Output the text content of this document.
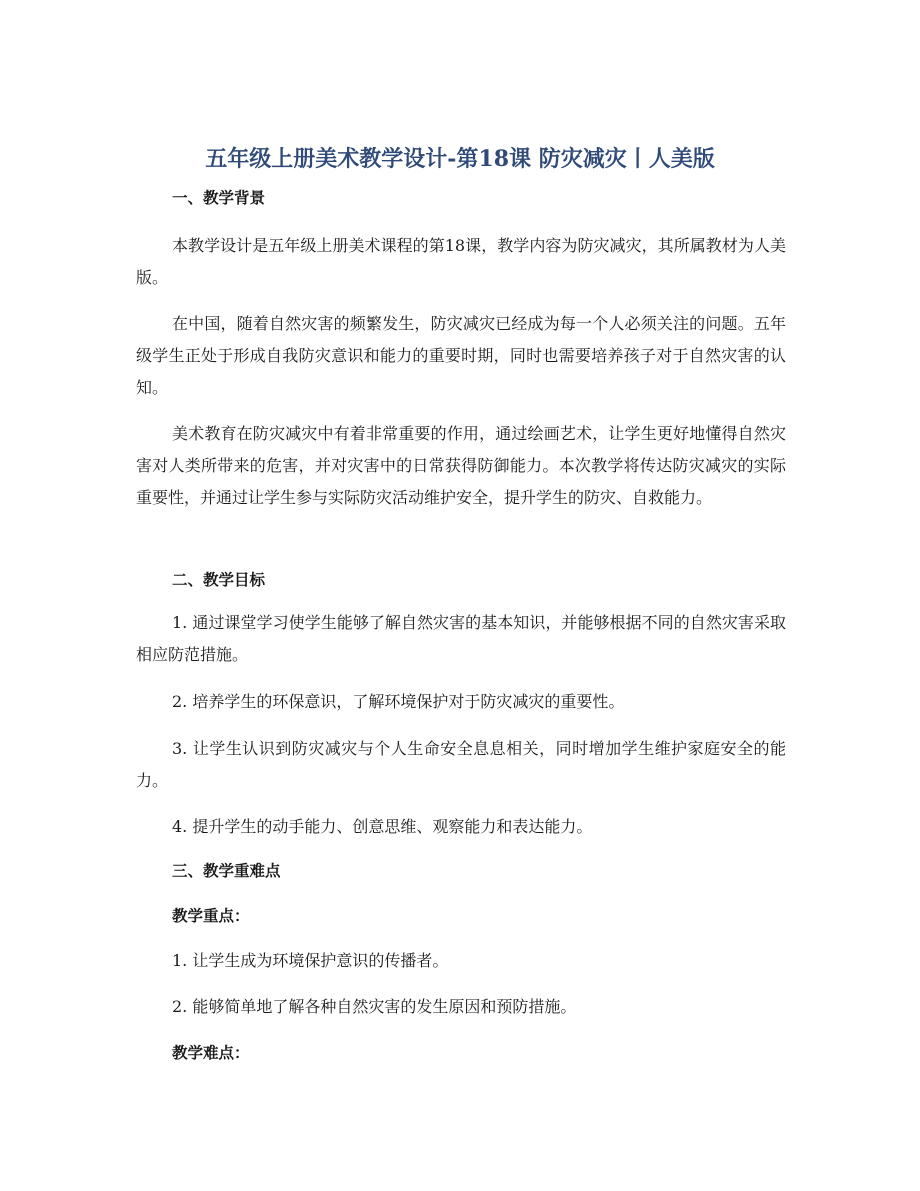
五年级上册美术教学设计-第18课 防灾减灾丨人美版
一、教学背景
本教学设计是五年级上册美术课程的第18课，教学内容为防灾减灾，其所属教材为人美版。
在中国，随着自然灾害的频繁发生，防灾减灾已经成为每一个人必须关注的问题。五年级学生正处于形成自我防灾意识和能力的重要时期，同时也需要培养孩子对于自然灾害的认知。
美术教育在防灾减灾中有着非常重要的作用，通过绘画艺术，让学生更好地懂得自然灾害对人类所带来的危害，并对灾害中的日常获得防御能力。本次教学将传达防灾减灾的实际重要性，并通过让学生参与实际防灾活动维护安全，提升学生的防灾、自救能力。
二、教学目标
1. 通过课堂学习使学生能够了解自然灾害的基本知识，并能够根据不同的自然灾害采取相应防范措施。
2. 培养学生的环保意识，了解环境保护对于防灾减灾的重要性。
3. 让学生认识到防灾减灾与个人生命安全息息相关，同时增加学生维护家庭安全的能力。
4. 提升学生的动手能力、创意思维、观察能力和表达能力。
三、教学重难点
教学重点：
1. 让学生成为环境保护意识的传播者。
2. 能够简单地了解各种自然灾害的发生原因和预防措施。
教学难点：
